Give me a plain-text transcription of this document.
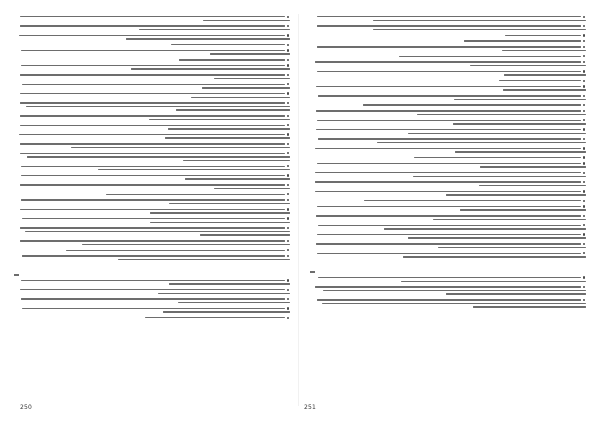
250	251
